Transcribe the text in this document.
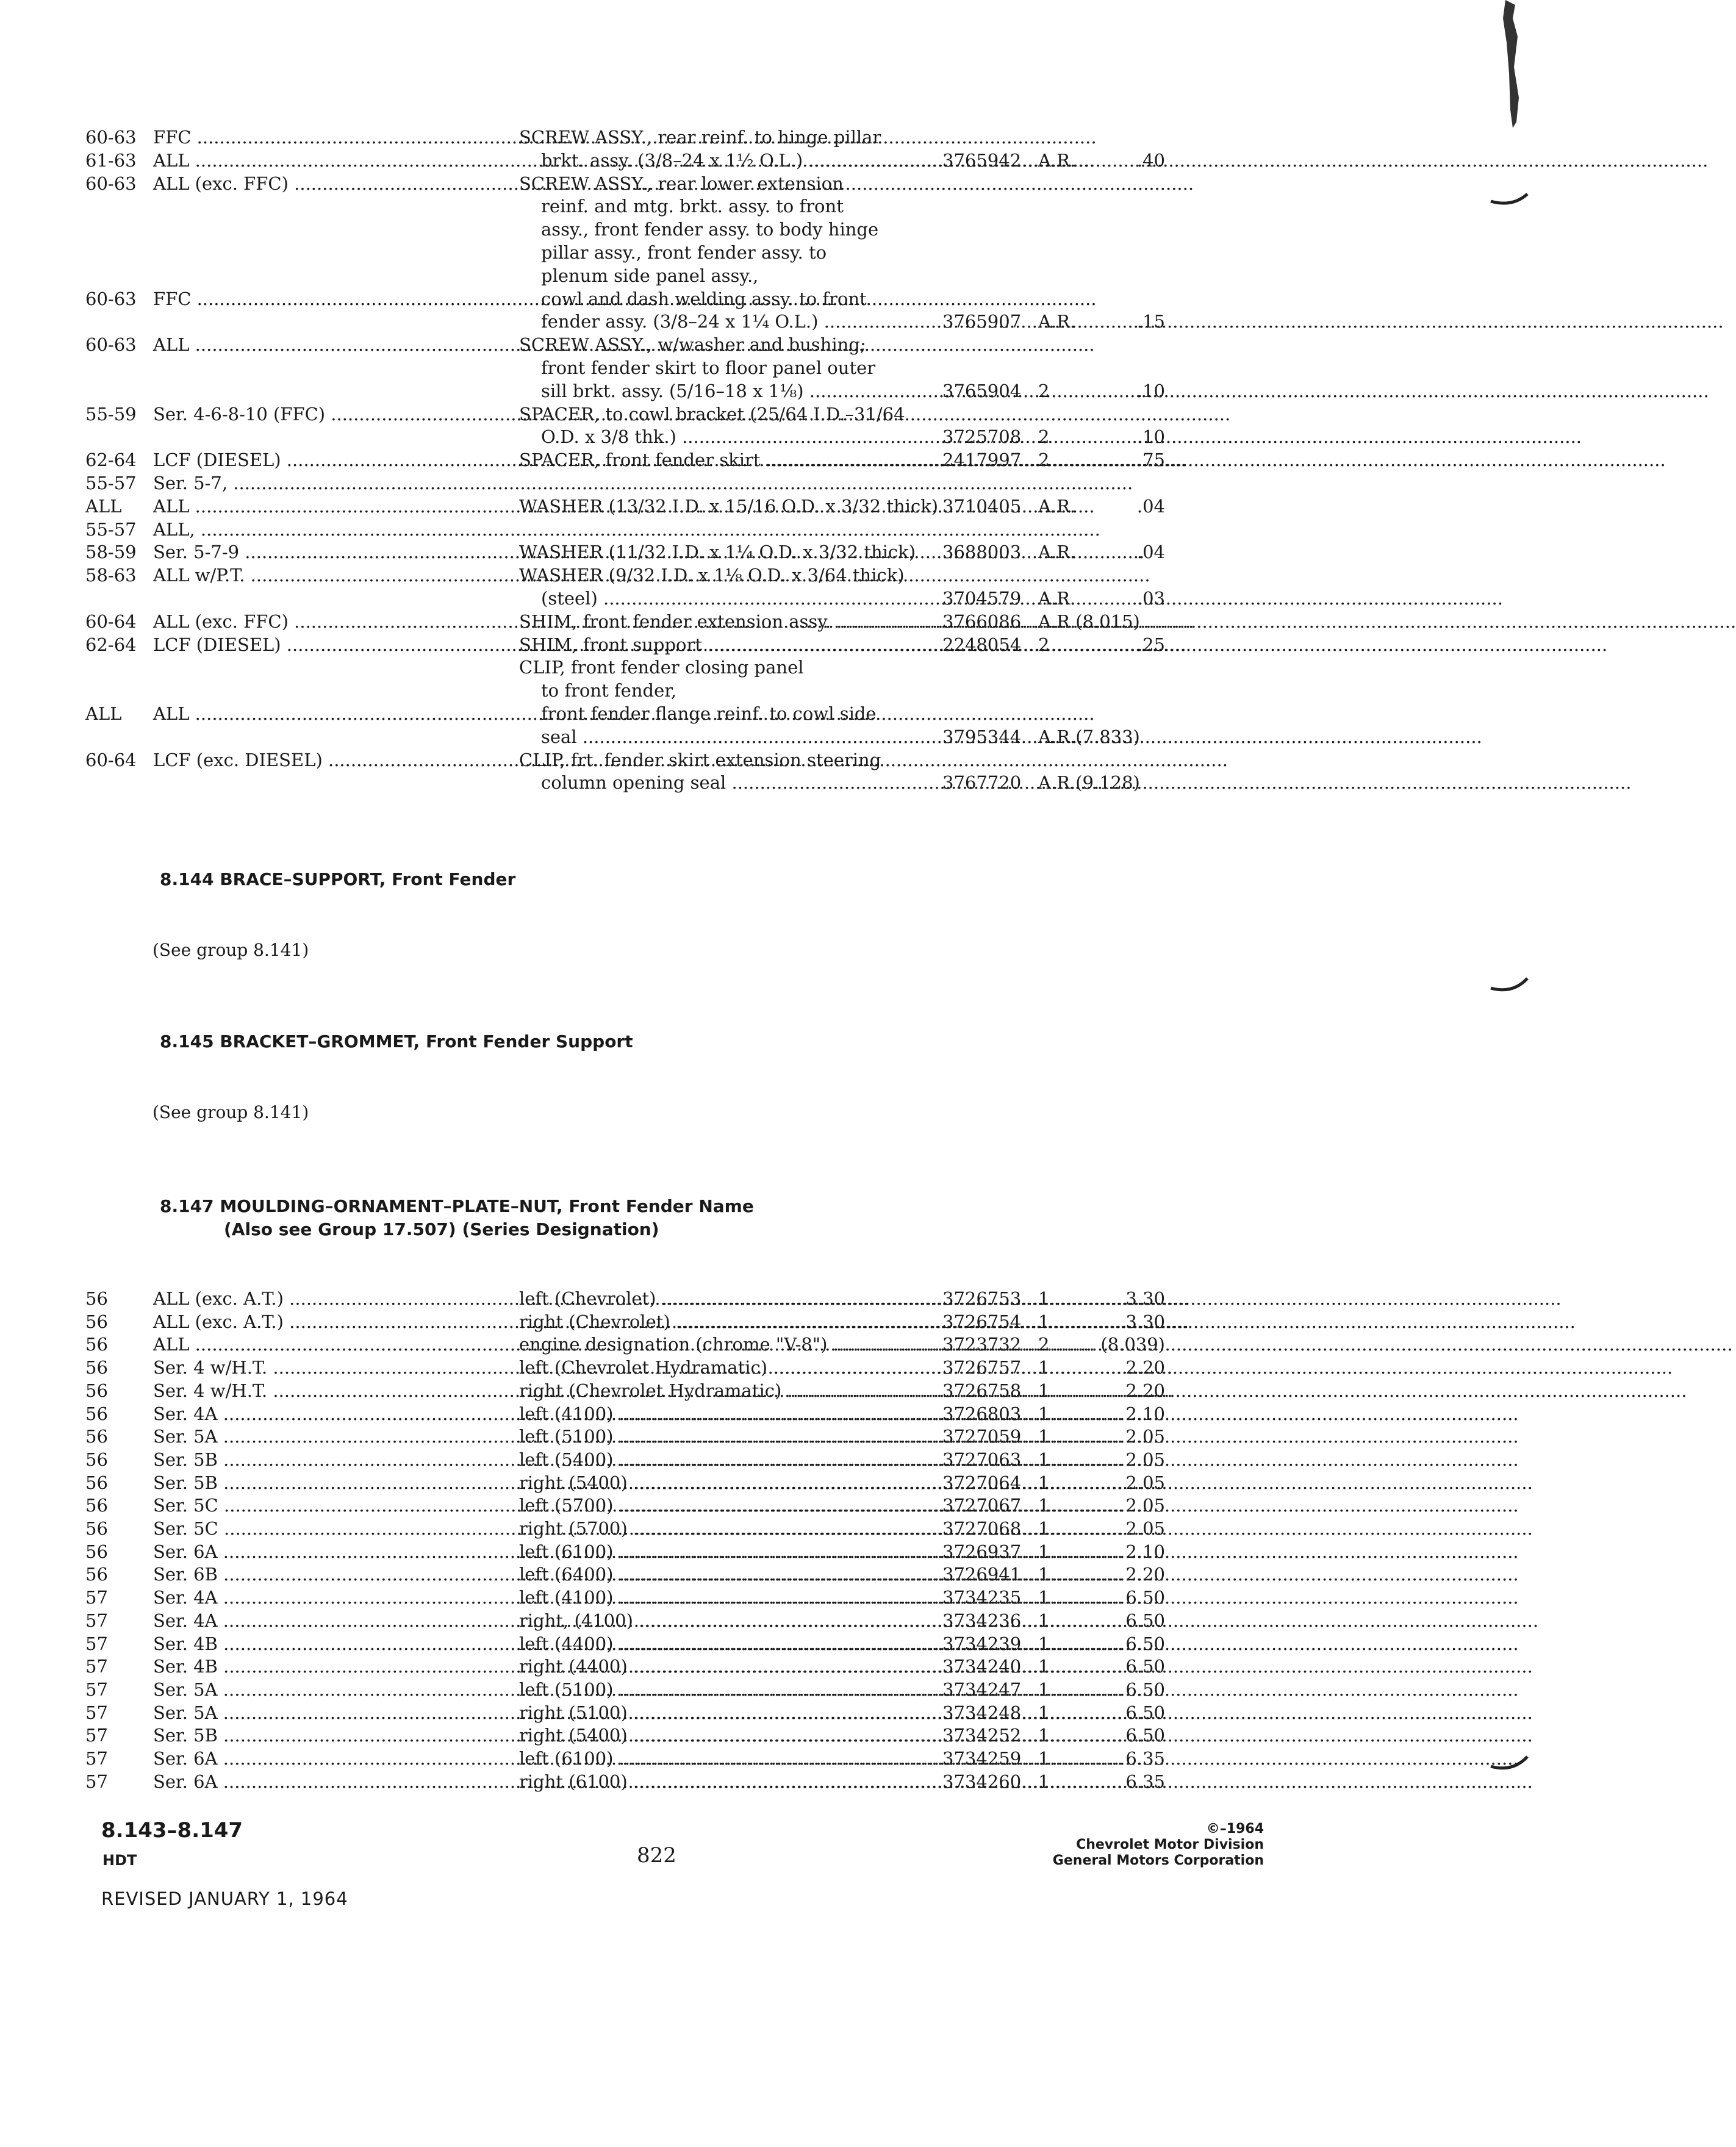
60-63 FFC .....	SCREW ASSY., rear reinf. to hinge pillar
61-63 ALL .....	brkt. assy. (3/8–24 x 1½ O.L.) .....	3765942 A.R.	.40
60-63 ALL (exc. FFC) .....	SCREW ASSY., rear lower extension
reinf. and mtg. brkt. assy. to front
assy., front fender assy. to body hinge
pillar assy., front fender assy. to
plenum side panel assy.,
60-63 FFC .....	cowl and dash welding assy. to front
fender assy. (3/8–24 x 1¼ O.L.) .....	3765907 A.R.	.15
60-63 ALL .....	SCREW ASSY., w/washer and bushing;
front fender skirt to floor panel outer
sill brkt. assy. (5/16–18 x 1⅛) .....	3765904 2	.10
55-59 Ser. 4-6-8-10 (FFC) .....	SPACER, to cowl bracket (25/64 I.D.–31/64
O.D. x 3/8 thk.) .....	3725708 2	.10
62-64 LCF (DIESEL) .....	SPACER, front fender skirt .....	2417997 2	.75
55-57 Ser. 5-7, .....
ALL	ALL .....	WASHER (13/32 I.D. x 15/16 O.D. x 3/32 thick) 3710405 A.R.	.04
55-57 ALL, .....
58-59 Ser. 5-7-9 .....	WASHER (11/32 I.D. x 1¼ O.D. x 3/32 thick)	3688003 A.R.	.04
58-63 ALL w/P.T. .....	WASHER (9/32 I.D. x 1⅛ O.D. x 3/64 thick)
(steel) .....	3704579 A.R.	.03
60-64 ALL (exc. FFC) .....	SHIM, front fender extension assy. .....	3766086 A.R.(8.015)
62-64 LCF (DIESEL) .....	SHIM, front support .....	2248054 2	.25
CLIP, front fender closing panel
to front fender,
ALL	ALL .....	front fender flange reinf. to cowl side
seal .....	3795344 A.R.(7.833)
60-64 LCF (exc. DIESEL) .....	CLIP, frt. fender skirt extension steering
column opening seal .....	3767720 A.R.(9.128)
8.144 BRACE–SUPPORT, Front Fender
(See group 8.141)
8.145 BRACKET–GROMMET, Front Fender Support
(See group 8.141)
8.147 MOULDING–ORNAMENT–PLATE–NUT, Front Fender Name
(Also see Group 17.507) (Series Designation)
56	ALL (exc. A.T.) .....	left (Chevrolet) .....	3726753 1	3.30
56	ALL (exc. A.T.) .....	right (Chevrolet) .....	3726754 1	3.30
56	ALL .....	engine designation (chrome "V-8") .....	3723732 2	(8.039)
56	Ser. 4 w/H.T. .....	left (Chevrolet Hydramatic) .....	3726757 1	2.20
56	Ser. 4 w/H.T. .....	right (Chevrolet Hydramatic) .....	3726758 1	2.20
56	Ser. 4A .....	left (4100) .....	3726803 1	2.10
56	Ser. 5A .....	left (5100) .....	3727059 1	2.05
56	Ser. 5B .....	left (5400) .....	3727063 1	2.05
56	Ser. 5B .....	right (5400) .....	3727064 1	2.05
56	Ser. 5C .....	left (5700) .....	3727067 1	2.05
56	Ser. 5C .....	right (5700) .....	3727068 1	2.05
56	Ser. 6A .....	left (6100) .....	3726937 1	2.10
56	Ser. 6B .....	left (6400) .....	3726941 1	2.20
57	Ser. 4A .....	left (4100) .....	3734235 1	6.50
57	Ser. 4A .....	right, (4100) .....	3734236 1	6.50
57	Ser. 4B .....	left (4400) .....	3734239 1	6.50
57	Ser. 4B .....	right (4400) .....	3734240 1	6.50
57	Ser. 5A .....	left (5100) .....	3734247 1	6.50
57	Ser. 5A .....	right (5100) .....	3734248 1	6.50
57	Ser. 5B .....	right (5400) .....	3734252 1	6.50
57	Ser. 6A .....	left (6100) .....	3734259 1	6.35
57	Ser. 6A .....	right (6100) .....	3734260 1	6.35
8.143–8.147
HDT	822
©–1964
Chevrolet Motor Division
General Motors Corporation
REVISED JANUARY 1, 1964
